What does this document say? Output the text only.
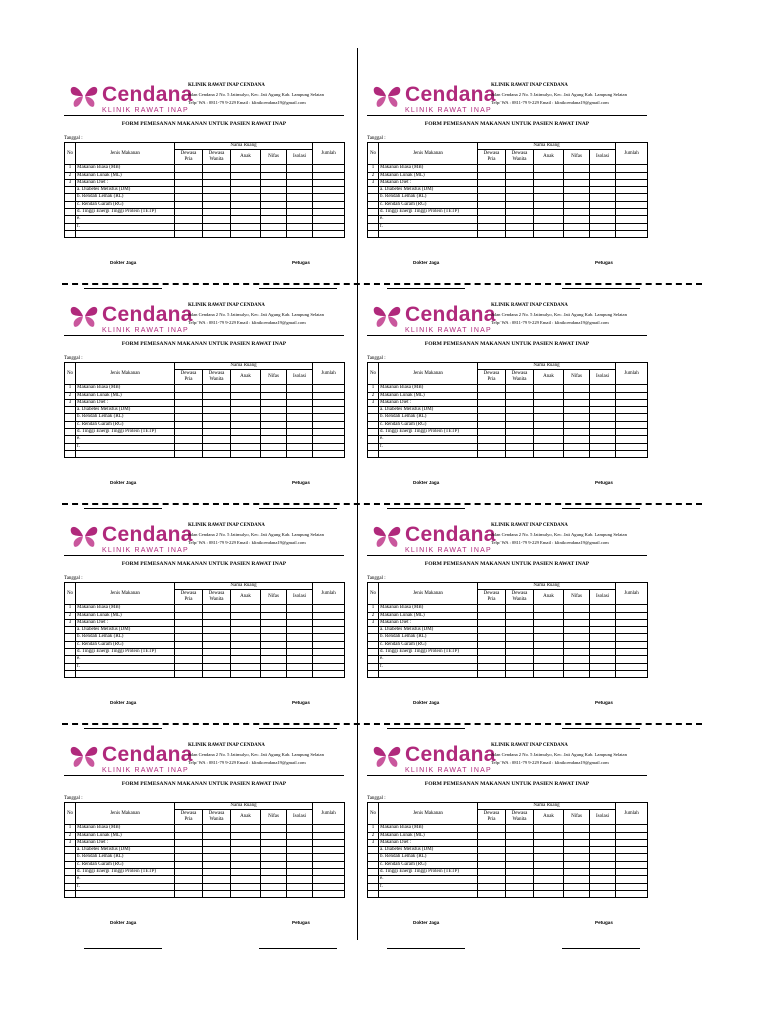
Cendana
KLINIK RAWAT INAP
KLINIK RAWAT INAP CENDANA
Jalan Cendana 2 No. 5 Jatimulyo, Kec. Jati Agung Kab. Lampung Selatan
Telp/ WA : 0811-79 9-229 Email : klinikcendana19@gmail.com
FORM PEMESANAN MAKANAN UNTUK PASIEN RAWAT INAP
Tanggal :
No	Jenis Makanan	Nama Ruang					Jumlah
		Dewasa Pria	Dewasa Wanita	Anak	Nifas	Isolasi	
1	Makanan Biasa (MB)						
2	Makanan Lunak (ML)						
3	Makanan Diet :						
	a. Diabetes Melistus (DM)						
	b. Rendah Lemak (RL)						
	c. Rendah Garam (RG)						
	d. Tinggi Energi Tinggi Protein (TETP)						
	e.						
	f.						

Dokter Jaga	Petugas
Cendana
KLINIK RAWAT INAP
KLINIK RAWAT INAP CENDANA
Jalan Cendana 2 No. 5 Jatimulyo, Kec. Jati Agung Kab. Lampung Selatan
Telp/ WA : 0811-79 9-229 Email : klinikcendana19@gmail.com
FORM PEMESANAN MAKANAN UNTUK PASIEN RAWAT INAP
Tanggal :
No	Jenis Makanan	Nama Ruang					Jumlah
		Dewasa Pria	Dewasa Wanita	Anak	Nifas	Isolasi	
1	Makanan Biasa (MB)						
2	Makanan Lunak (ML)						
3	Makanan Diet :						
	a. Diabetes Melistus (DM)						
	b. Rendah Lemak (RL)						
	c. Rendah Garam (RG)						
	d. Tinggi Energi Tinggi Protein (TETP)						
	e.						
	f.						

Dokter Jaga	Petugas
Cendana
KLINIK RAWAT INAP
KLINIK RAWAT INAP CENDANA
Jalan Cendana 2 No. 5 Jatimulyo, Kec. Jati Agung Kab. Lampung Selatan
Telp/ WA : 0811-79 9-229 Email : klinikcendana19@gmail.com
FORM PEMESANAN MAKANAN UNTUK PASIEN RAWAT INAP
Tanggal :
No	Jenis Makanan	Nama Ruang					Jumlah
		Dewasa Pria	Dewasa Wanita	Anak	Nifas	Isolasi	
1	Makanan Biasa (MB)						
2	Makanan Lunak (ML)						
3	Makanan Diet :						
	a. Diabetes Melistus (DM)						
	b. Rendah Lemak (RL)						
	c. Rendah Garam (RG)						
	d. Tinggi Energi Tinggi Protein (TETP)						
	e.						
	f.						

Dokter Jaga	Petugas
Cendana
KLINIK RAWAT INAP
KLINIK RAWAT INAP CENDANA
Jalan Cendana 2 No. 5 Jatimulyo, Kec. Jati Agung Kab. Lampung Selatan
Telp/ WA : 0811-79 9-229 Email : klinikcendana19@gmail.com
FORM PEMESANAN MAKANAN UNTUK PASIEN RAWAT INAP
Tanggal :
No	Jenis Makanan	Nama Ruang					Jumlah
		Dewasa Pria	Dewasa Wanita	Anak	Nifas	Isolasi	
1	Makanan Biasa (MB)						
2	Makanan Lunak (ML)						
3	Makanan Diet :						
	a. Diabetes Melistus (DM)						
	b. Rendah Lemak (RL)						
	c. Rendah Garam (RG)						
	d. Tinggi Energi Tinggi Protein (TETP)						
	e.						
	f.						

Dokter Jaga	Petugas
Cendana
KLINIK RAWAT INAP
KLINIK RAWAT INAP CENDANA
Jalan Cendana 2 No. 5 Jatimulyo, Kec. Jati Agung Kab. Lampung Selatan
Telp/ WA : 0811-79 9-229 Email : klinikcendana19@gmail.com
FORM PEMESANAN MAKANAN UNTUK PASIEN RAWAT INAP
Tanggal :
No	Jenis Makanan	Nama Ruang					Jumlah
		Dewasa Pria	Dewasa Wanita	Anak	Nifas	Isolasi	
1	Makanan Biasa (MB)						
2	Makanan Lunak (ML)						
3	Makanan Diet :						
	a. Diabetes Melistus (DM)						
	b. Rendah Lemak (RL)						
	c. Rendah Garam (RG)						
	d. Tinggi Energi Tinggi Protein (TETP)						
	e.						
	f.						

Dokter Jaga	Petugas
Cendana
KLINIK RAWAT INAP
KLINIK RAWAT INAP CENDANA
Jalan Cendana 2 No. 5 Jatimulyo, Kec. Jati Agung Kab. Lampung Selatan
Telp/ WA : 0811-79 9-229 Email : klinikcendana19@gmail.com
FORM PEMESANAN MAKANAN UNTUK PASIEN RAWAT INAP
Tanggal :
No	Jenis Makanan	Nama Ruang					Jumlah
		Dewasa Pria	Dewasa Wanita	Anak	Nifas	Isolasi	
1	Makanan Biasa (MB)						
2	Makanan Lunak (ML)						
3	Makanan Diet :						
	a. Diabetes Melistus (DM)						
	b. Rendah Lemak (RL)						
	c. Rendah Garam (RG)						
	d. Tinggi Energi Tinggi Protein (TETP)						
	e.						
	f.						

Dokter Jaga	Petugas
Cendana
KLINIK RAWAT INAP
KLINIK RAWAT INAP CENDANA
Jalan Cendana 2 No. 5 Jatimulyo, Kec. Jati Agung Kab. Lampung Selatan
Telp/ WA : 0811-79 9-229 Email : klinikcendana19@gmail.com
FORM PEMESANAN MAKANAN UNTUK PASIEN RAWAT INAP
Tanggal :
No	Jenis Makanan	Nama Ruang					Jumlah
		Dewasa Pria	Dewasa Wanita	Anak	Nifas	Isolasi	
1	Makanan Biasa (MB)						
2	Makanan Lunak (ML)						
3	Makanan Diet :						
	a. Diabetes Melistus (DM)						
	b. Rendah Lemak (RL)						
	c. Rendah Garam (RG)						
	d. Tinggi Energi Tinggi Protein (TETP)						
	e.						
	f.						

Dokter Jaga	Petugas
Cendana
KLINIK RAWAT INAP
KLINIK RAWAT INAP CENDANA
Jalan Cendana 2 No. 5 Jatimulyo, Kec. Jati Agung Kab. Lampung Selatan
Telp/ WA : 0811-79 9-229 Email : klinikcendana19@gmail.com
FORM PEMESANAN MAKANAN UNTUK PASIEN RAWAT INAP
Tanggal :
No	Jenis Makanan	Nama Ruang					Jumlah
		Dewasa Pria	Dewasa Wanita	Anak	Nifas	Isolasi	
1	Makanan Biasa (MB)						
2	Makanan Lunak (ML)						
3	Makanan Diet :						
	a. Diabetes Melistus (DM)						
	b. Rendah Lemak (RL)						
	c. Rendah Garam (RG)						
	d. Tinggi Energi Tinggi Protein (TETP)						
	e.						
	f.						

Dokter Jaga	Petugas
